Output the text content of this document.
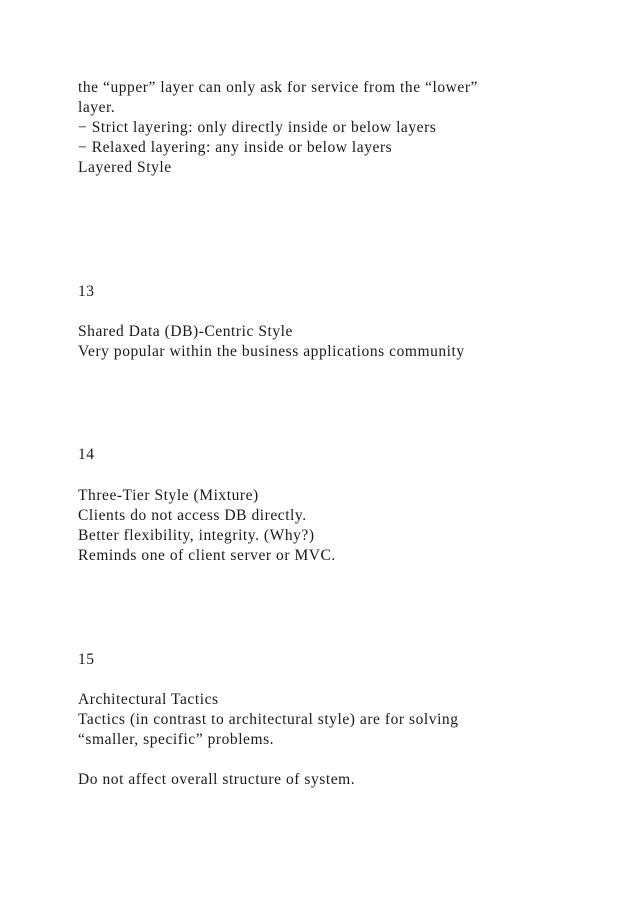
the “upper” layer can only ask for service from the “lower”

layer.

− Strict layering: only directly inside or below layers

− Relaxed layering: any inside or below layers

Layered Style

13

Shared Data (DB)-Centric Style

Very popular within the business applications community

14

Three-Tier Style (Mixture)

Clients do not access DB directly.

Better flexibility, integrity. (Why?)

Reminds one of client server or MVC.

15

Architectural Tactics

Tactics (in contrast to architectural style) are for solving

“smaller, specific” problems.

Do not affect overall structure of system.
